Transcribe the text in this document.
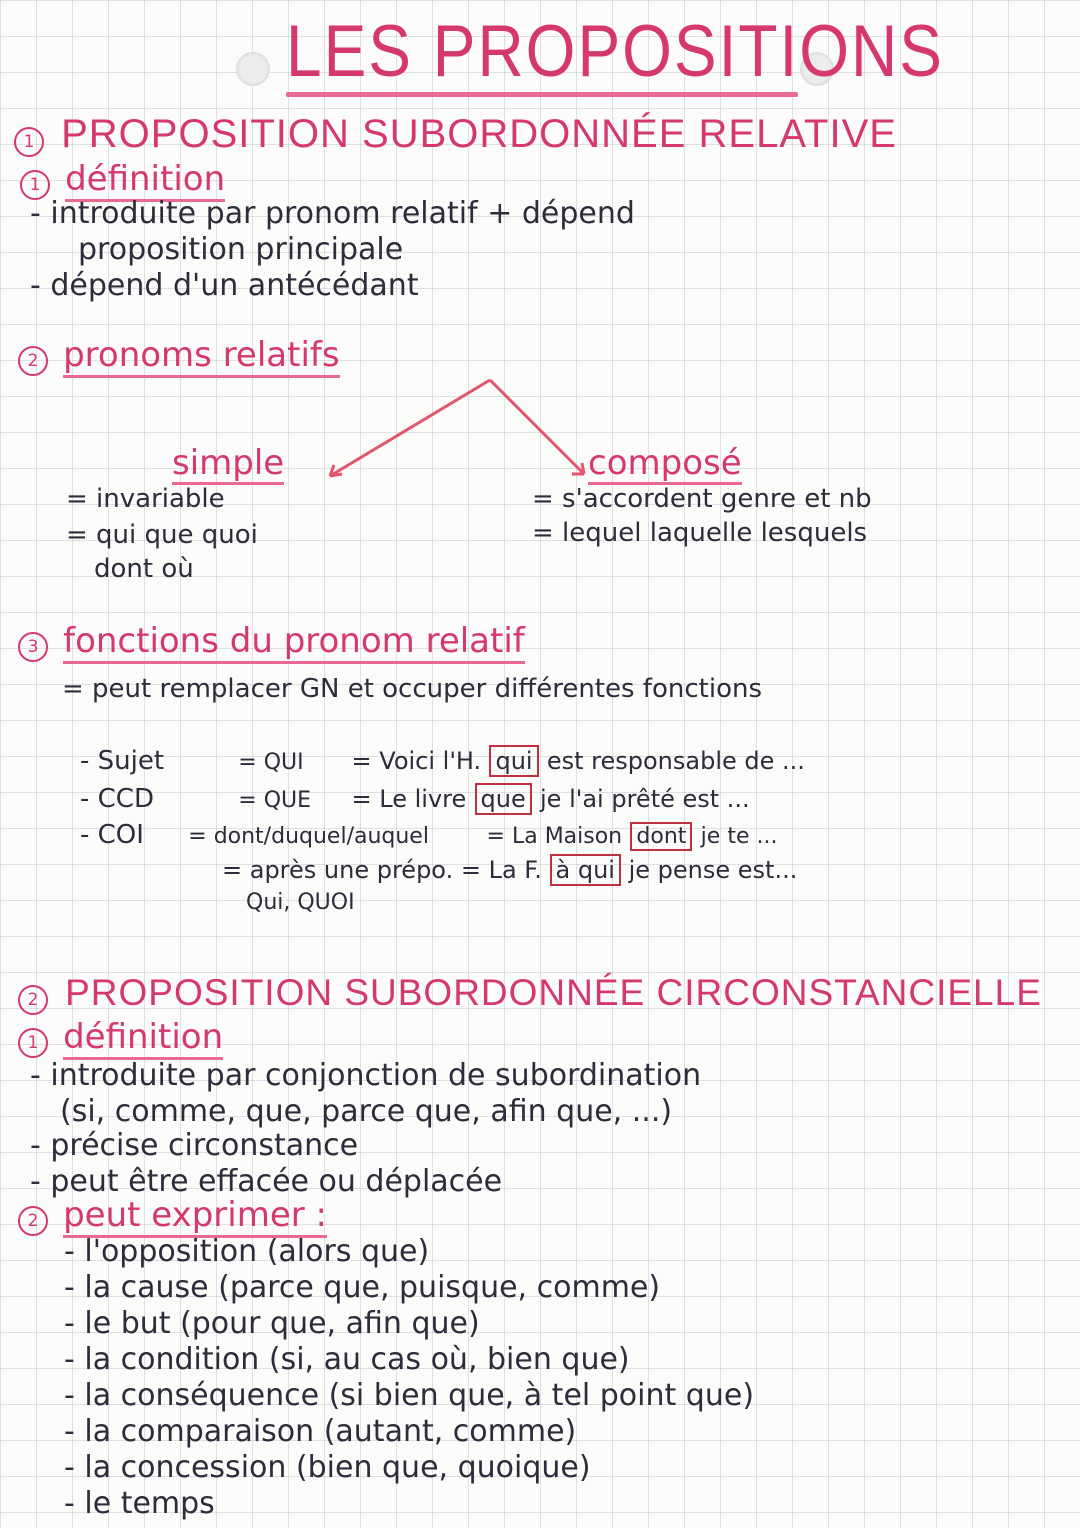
LES PROPOSITIONS
1 PROPOSITION SUBORDONNÉE RELATIVE
1 définition
- introduite par pronom relatif + dépend
proposition principale
- dépend d'un antécédant
2 pronoms relatifs
simple
= invariable
= qui que quoi
dont où
composé
= s'accordent genre et nb
= lequel laquelle lesquels
3 fonctions du pronom relatif
= peut remplacer GN et occuper différentes fonctions
- Sujet	= QUI = Voici l'H. qui est responsable de ...
- CCD	= QUE = Le livre que je l'ai prêté est ...
- COI = dont/duquel/auquel	= La Maison dont je te ...
= après une prépo. = La F. à qui je pense est...
Qui, QUOI
2 PROPOSITION SUBORDONNÉE CIRCONSTANCIELLE
1 définition
- introduite par conjonction de subordination
(si, comme, que, parce que, afin que, ...)
- précise circonstance
- peut être effacée ou déplacée
2 peut exprimer :
- l'opposition (alors que)
- la cause (parce que, puisque, comme)
- le but (pour que, afin que)
- la condition (si, au cas où, bien que)
- la conséquence (si bien que, à tel point que)
- la comparaison (autant, comme)
- la concession (bien que, quoique)
- le temps
